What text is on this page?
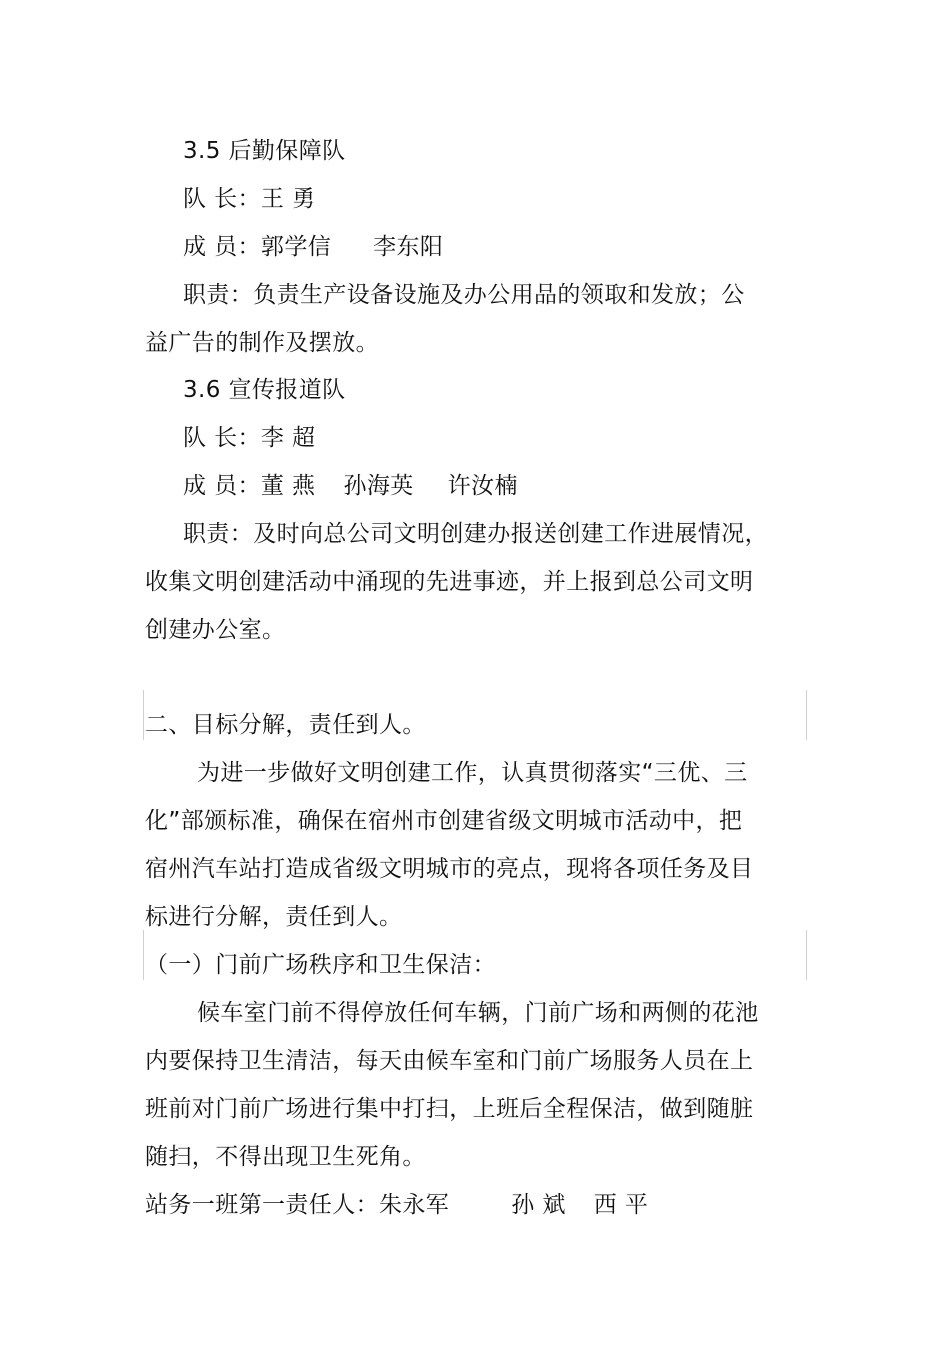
3.5 后勤保障队
队 长：王 勇
成 员：郭学信 李东阳
职责：负责生产设备设施及办公用品的领取和发放；公
益广告的制作及摆放。
3.6 宣传报道队
队 长：李 超
成 员：董 燕 孙海英 许汝楠
职责：及时向总公司文明创建办报送创建工作进展情况，
收集文明创建活动中涌现的先进事迹，并上报到总公司文明
创建办公室。
二、目标分解，责任到人。
为进一步做好文明创建工作，认真贯彻落实“三优、三
化”部颁标准，确保在宿州市创建省级文明城市活动中，把
宿州汽车站打造成省级文明城市的亮点，现将各项任务及目
标进行分解，责任到人。
（一）门前广场秩序和卫生保洁：
候车室门前不得停放任何车辆，门前广场和两侧的花池
内要保持卫生清洁，每天由候车室和门前广场服务人员在上
班前对门前广场进行集中打扫，上班后全程保洁，做到随脏
随扫，不得出现卫生死角。
站务一班第一责任人：朱永军	孙 斌 西 平
